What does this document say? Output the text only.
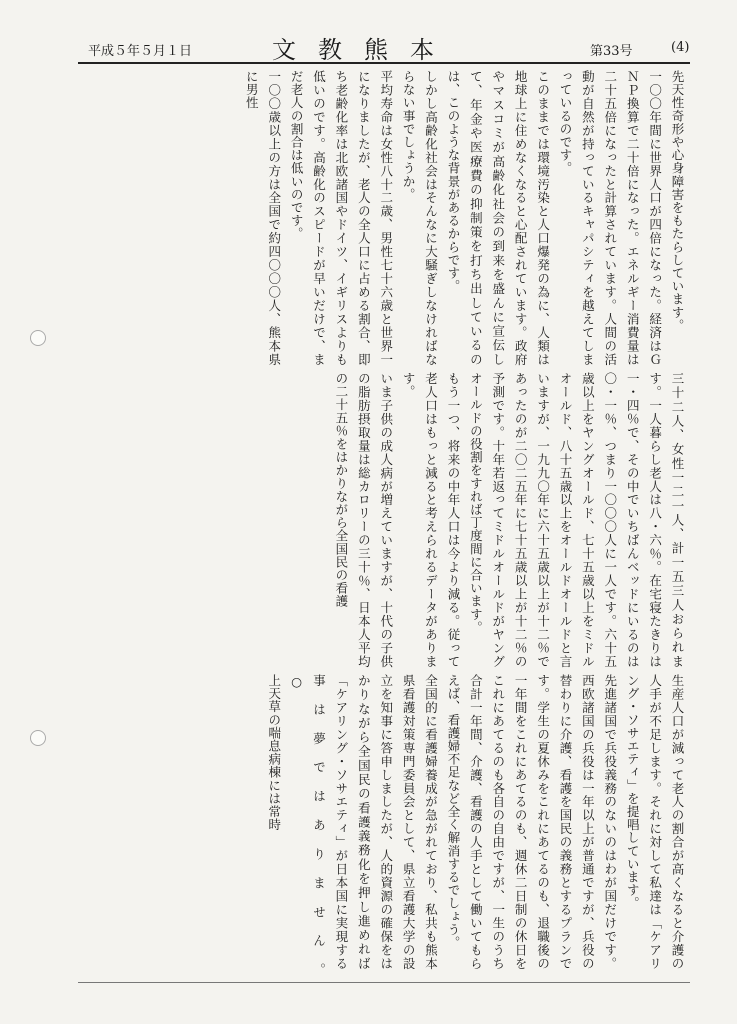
平成５年５月１日	文教熊本	第33号	(4)
先天性奇形や心身障害をもたらしています。
一〇〇年間に世界人口が四倍になった。経済はＧＮＰ換算で二十倍になった。エネルギー消費量は二十五倍になったと計算されています。人間の活動が自然が持っているキャパシティを越えてしまっているのです。
このままでは環境汚染と人口爆発の為に、人類は地球上に住めなくなると心配されています。政府やマスコミが高齢化社会の到来を盛んに宣伝して、年金や医療費の抑制策を打ち出しているのは、このような背景があるからです。
しかし高齢化社会はそんなに大騒ぎしなければならない事でしょうか。
平均寿命は女性八十二歳、男性七十六歳と世界一になりましたが、老人の全人口に占める割合、即ち老齢化率は北欧諸国やドイツ、イギリスよりも低いのです。高齢化のスピードが早いだけで、まだ老人の割合は低いのです。
一〇〇歳以上の方は全国で約四〇〇〇人、熊本県に男性
三十二人、女性一二一人、計一五三人おられます。一人暮らし老人は八・六％。在宅寝たきりは一・四％で、その中でいちばんベッドにいるのは〇・一％、つまり一〇〇〇人に一人です。六十五歳以上をヤングオールド、七十五歳以上をミドルオールド、八十五歳以上をオールドオールドと言いますが、一九九〇年に六十五歳以上が十二％であったのが二〇二五年に七十五歳以上が十二％の予測です。十年若返ってミドルオールドがヤングオールドの役割をすれば丁度間に合います。
もう一つ、将来の中年人口は今より減る。従って老人口はもっと減ると考えられるデータがあります。
いま子供の成人病が増えていますが、十代の子供の脂肪摂取量は総カロリーの三十％、日本人平均の二十五％をはかりながら全国民の看護
生産人口が減って老人の割合が高くなると介護の人手が不足します。それに対して私達は「ケアリング・ソサエティ」を提唱しています。
先進諸国で兵役義務のないのはわが国だけです。西欧諸国の兵役は一年以上が普通ですが、兵役の替わりに介護、看護を国民の義務とするプランです。学生の夏休みをこれにあてるのも、退職後の一年間をこれにあてるのも、週休二日制の休日をこれにあてるのも各自の自由ですが、一生のうち合計一年間、介護、看護の人手として働いてもらえば、看護婦不足など全く解消するでしょう。
全国的に看護婦養成が急がれており、私共も熊本県看護対策専門委員会として、県立看護大学の設立を知事に答申しましたが、人的資源の確保をはかりながら全国民の看護義務化を押し進めれば「ケアリング・ソサエティ」が日本国に実現する事は夢ではありません。　　　　　　　　　　　　　　○
上天草の喘息病棟には常時
